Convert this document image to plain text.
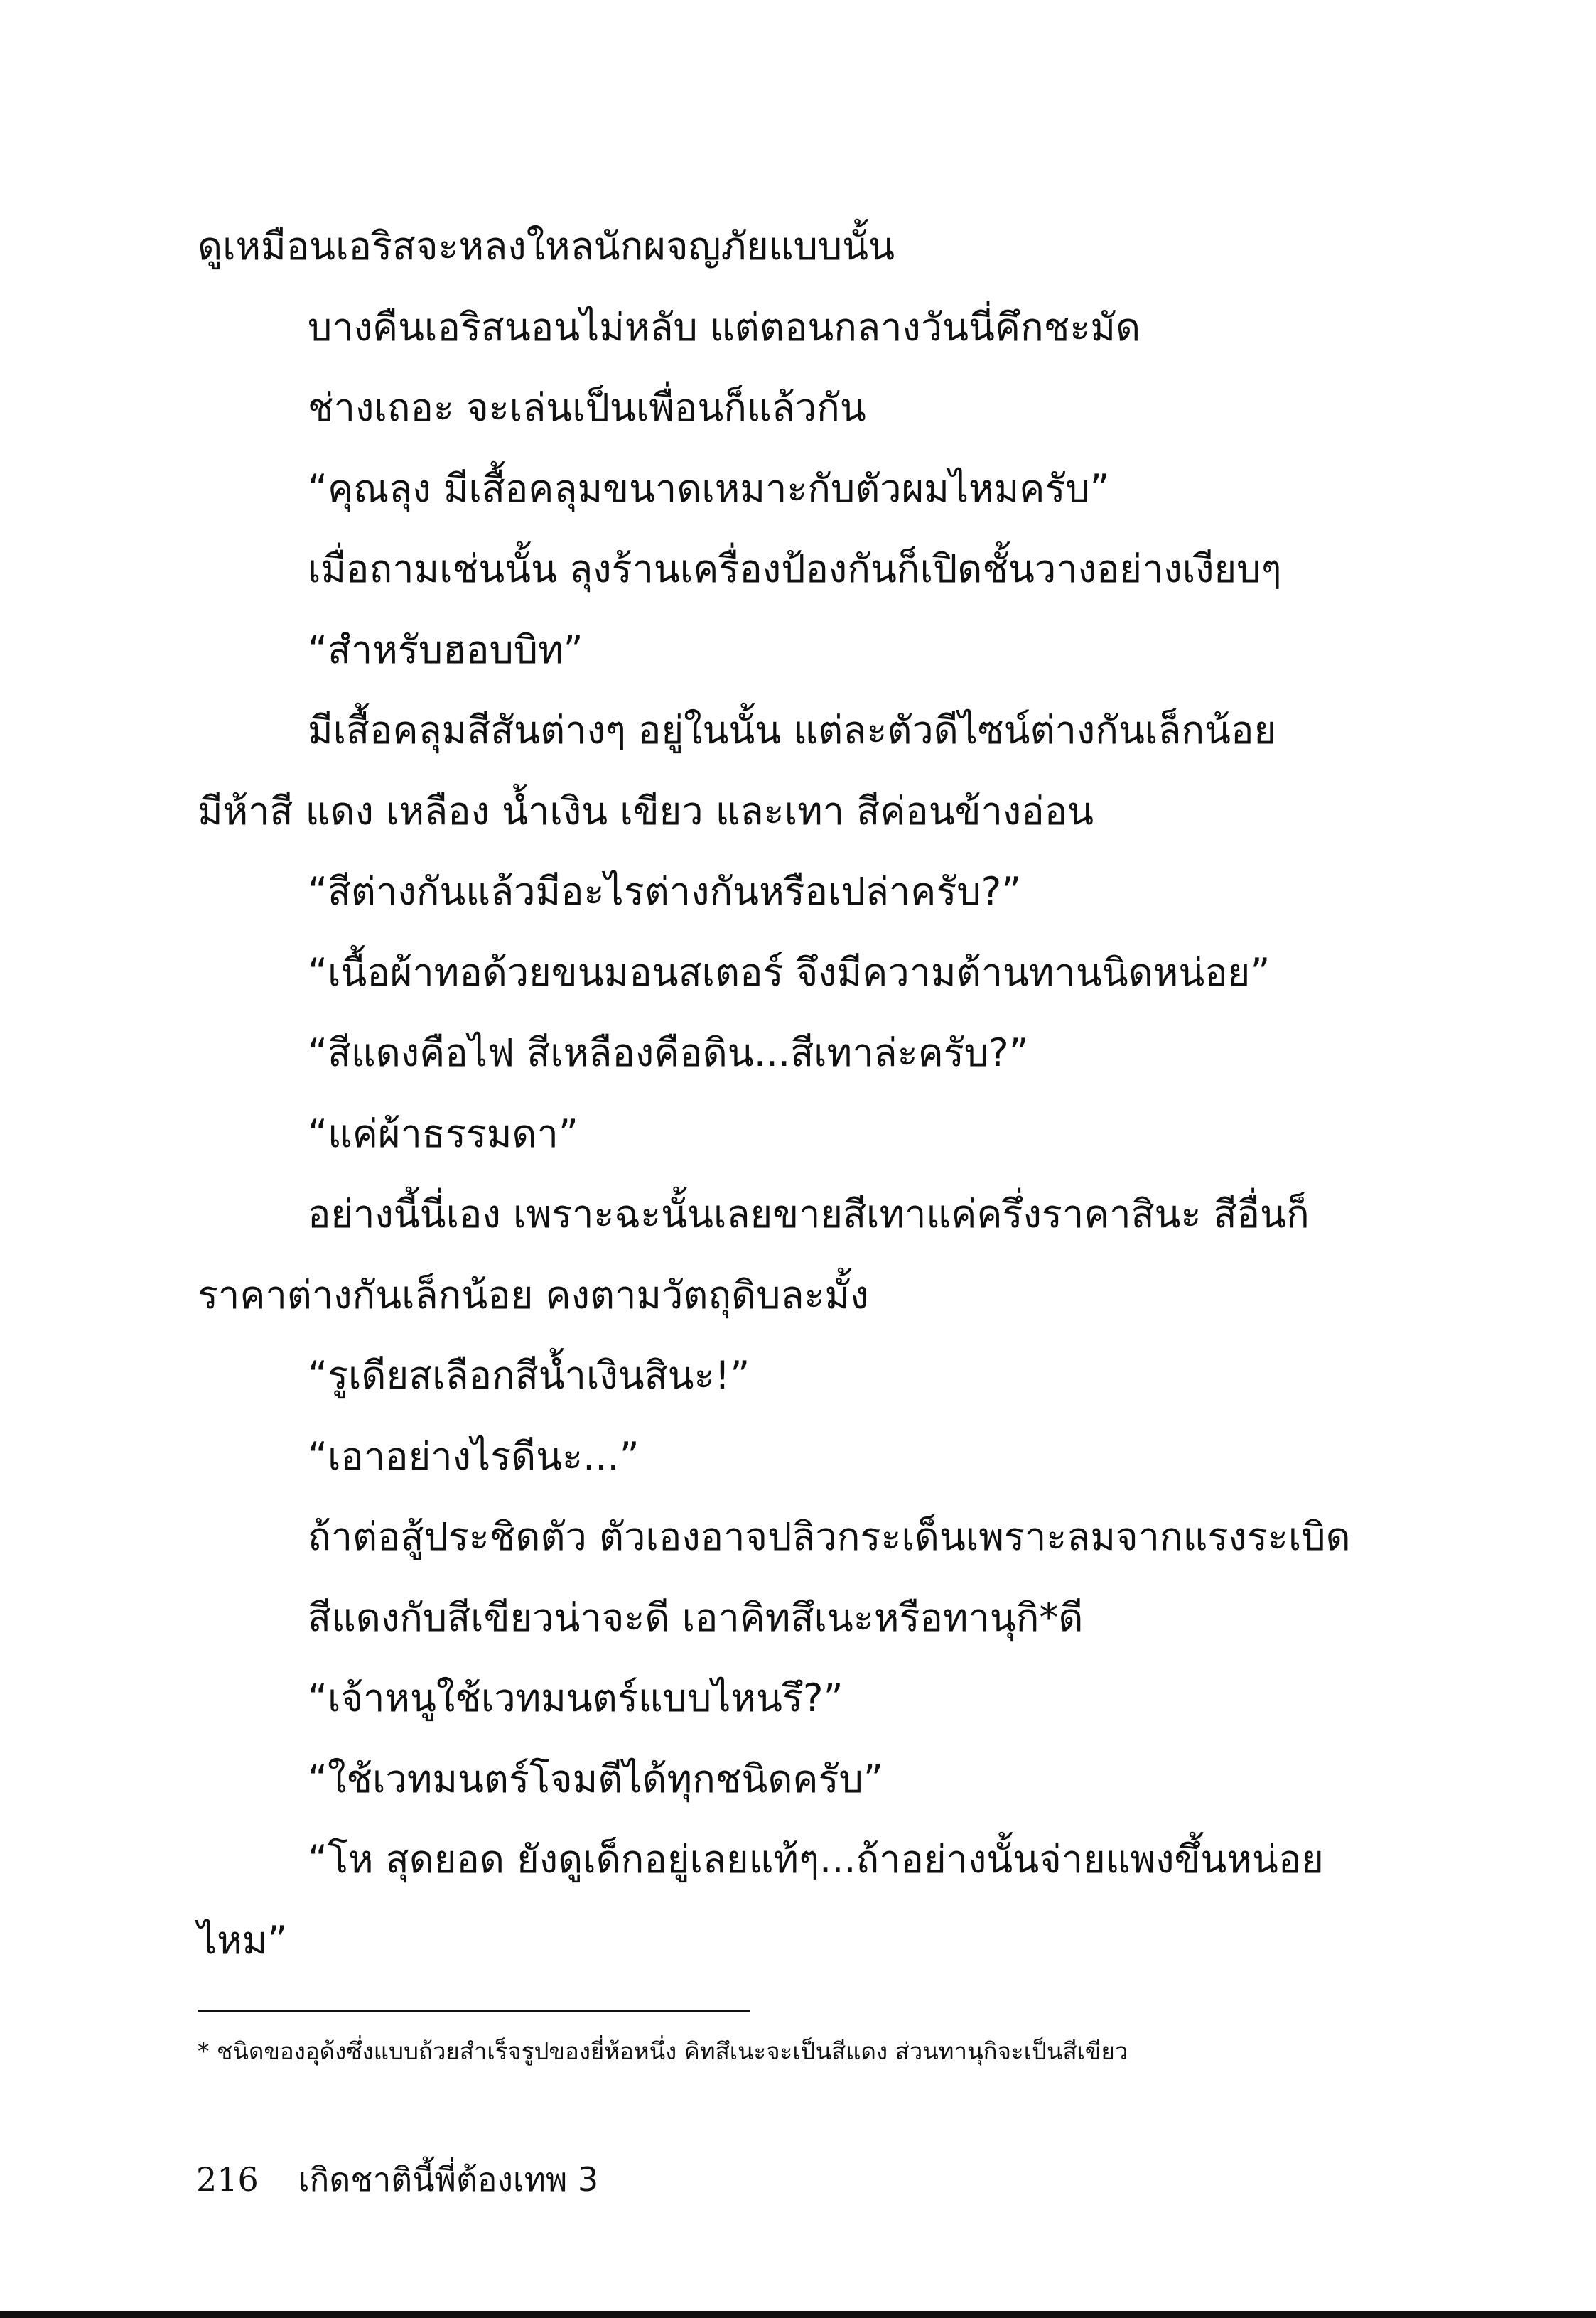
ดูเหมือนเอริสจะหลงใหลนักผจญภัยแบบนั้น
บางคืนเอริสนอนไม่หลับ แต่ตอนกลางวันนี่คึกชะมัด
ช่างเถอะ จะเล่นเป็นเพื่อนก็แล้วกัน
“คุณลุง มีเสื้อคลุมขนาดเหมาะกับตัวผมไหมครับ”
เมื่อถามเช่นนั้น ลุงร้านเครื่องป้องกันก็เปิดชั้นวางอย่างเงียบๆ
“สำหรับฮอบบิท”
มีเสื้อคลุมสีสันต่างๆ อยู่ในนั้น แต่ละตัวดีไซน์ต่างกันเล็กน้อย
มีห้าสี แดง เหลือง น้ำเงิน เขียว และเทา สีค่อนข้างอ่อน
“สีต่างกันแล้วมีอะไรต่างกันหรือเปล่าครับ?”
“เนื้อผ้าทอด้วยขนมอนสเตอร์ จึงมีความต้านทานนิดหน่อย”
“สีแดงคือไฟ สีเหลืองคือดิน...สีเทาล่ะครับ?”
“แค่ผ้าธรรมดา”
อย่างนี้นี่เอง เพราะฉะนั้นเลยขายสีเทาแค่ครึ่งราคาสินะ สีอื่นก็
ราคาต่างกันเล็กน้อย คงตามวัตถุดิบละมั้ง
“รูเดียสเลือกสีน้ำเงินสินะ!”
“เอาอย่างไรดีนะ...”
ถ้าต่อสู้ประชิดตัว ตัวเองอาจปลิวกระเด็นเพราะลมจากแรงระเบิด
สีแดงกับสีเขียวน่าจะดี เอาคิทสึเนะหรือทานุกิ*ดี
“เจ้าหนูใช้เวทมนตร์แบบไหนรึ?”
“ใช้เวทมนตร์โจมตีได้ทุกชนิดครับ”
“โห สุดยอด ยังดูเด็กอยู่เลยแท้ๆ...ถ้าอย่างนั้นจ่ายแพงขึ้นหน่อย
ไหม”
* ชนิดของอุด้งซึ่งแบบถ้วยสำเร็จรูปของยี่ห้อหนึ่ง คิทสึเนะจะเป็นสีแดง ส่วนทานุกิจะเป็นสีเขียว
216 เกิดชาตินี้พี่ต้องเทพ 3
